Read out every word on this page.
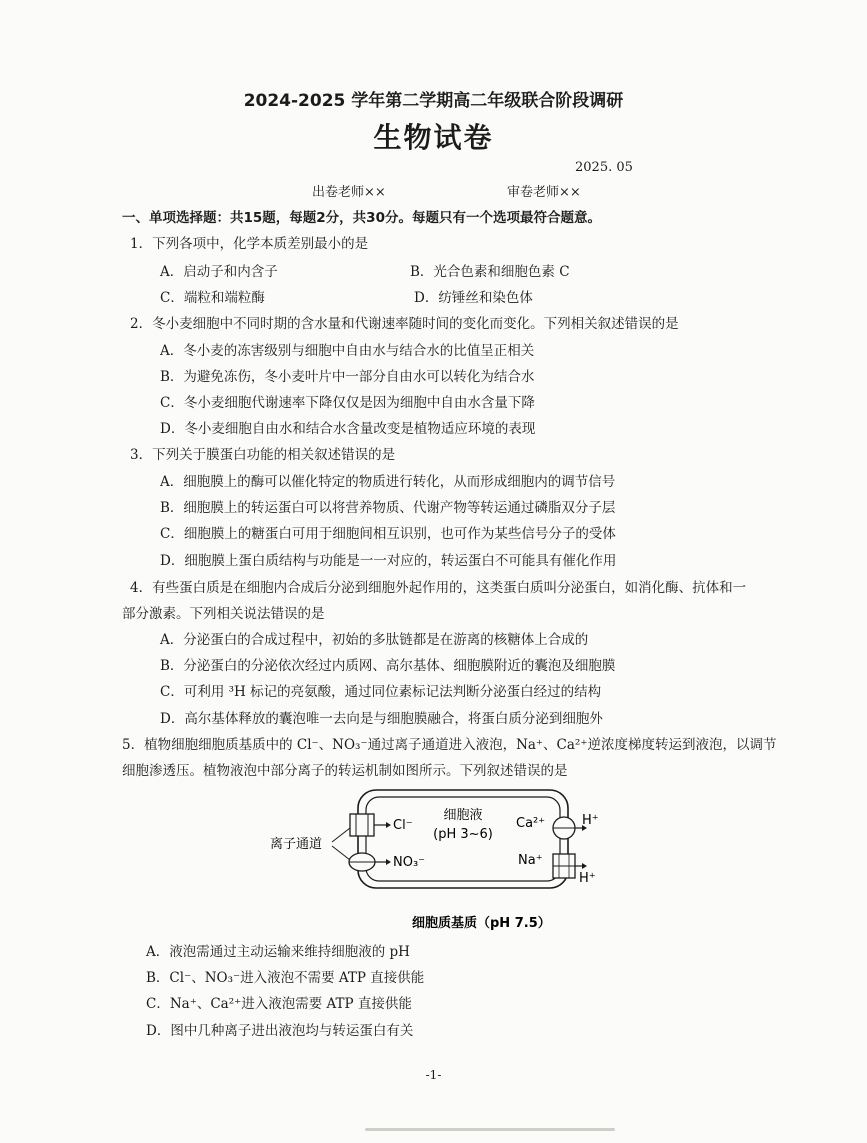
2024-2025 学年第二学期高二年级联合阶段调研
生物试卷
2025. 05
出卷老师××	审卷老师××
一、单项选择题：共15题，每题2分，共30分。每题只有一个选项最符合题意。
1．下列各项中，化学本质差别最小的是
A．启动子和内含子	B．光合色素和细胞色素 C
C．端粒和端粒酶	D．纺锤丝和染色体
2．冬小麦细胞中不同时期的含水量和代谢速率随时间的变化而变化。下列相关叙述错误的是
A．冬小麦的冻害级别与细胞中自由水与结合水的比值呈正相关
B．为避免冻伤，冬小麦叶片中一部分自由水可以转化为结合水
C．冬小麦细胞代谢速率下降仅仅是因为细胞中自由水含量下降
D．冬小麦细胞自由水和结合水含量改变是植物适应环境的表现
3．下列关于膜蛋白功能的相关叙述错误的是
A．细胞膜上的酶可以催化特定的物质进行转化，从而形成细胞内的调节信号
B．细胞膜上的转运蛋白可以将营养物质、代谢产物等转运通过磷脂双分子层
C．细胞膜上的糖蛋白可用于细胞间相互识别，也可作为某些信号分子的受体
D．细胞膜上蛋白质结构与功能是一一对应的，转运蛋白不可能具有催化作用
4．有些蛋白质是在细胞内合成后分泌到细胞外起作用的，这类蛋白质叫分泌蛋白，如消化酶、抗体和一
部分激素。下列相关说法错误的是
A．分泌蛋白的合成过程中，初始的多肽链都是在游离的核糖体上合成的
B．分泌蛋白的分泌依次经过内质网、高尔基体、细胞膜附近的囊泡及细胞膜
C．可利用 ³H 标记的亮氨酸，通过同位素标记法判断分泌蛋白经过的结构
D．高尔基体释放的囊泡唯一去向是与细胞膜融合，将蛋白质分泌到细胞外
5．植物细胞细胞质基质中的 Cl⁻、NO₃⁻通过离子通道进入液泡，Na⁺、Ca²⁺逆浓度梯度转运到液泡，以调节
细胞渗透压。植物液泡中部分离子的转运机制如图所示。下列叙述错误的是
Cl⁻
NO₃⁻
离子通道
细胞液
(pH 3~6)
Ca²⁺
Na⁺
H⁺
H⁺
细胞质基质（pH 7.5）
A．液泡需通过主动运输来维持细胞液的 pH
B．Cl⁻、NO₃⁻进入液泡不需要 ATP 直接供能
C．Na⁺、Ca²⁺进入液泡需要 ATP 直接供能
D．图中几种离子进出液泡均与转运蛋白有关
-1-
